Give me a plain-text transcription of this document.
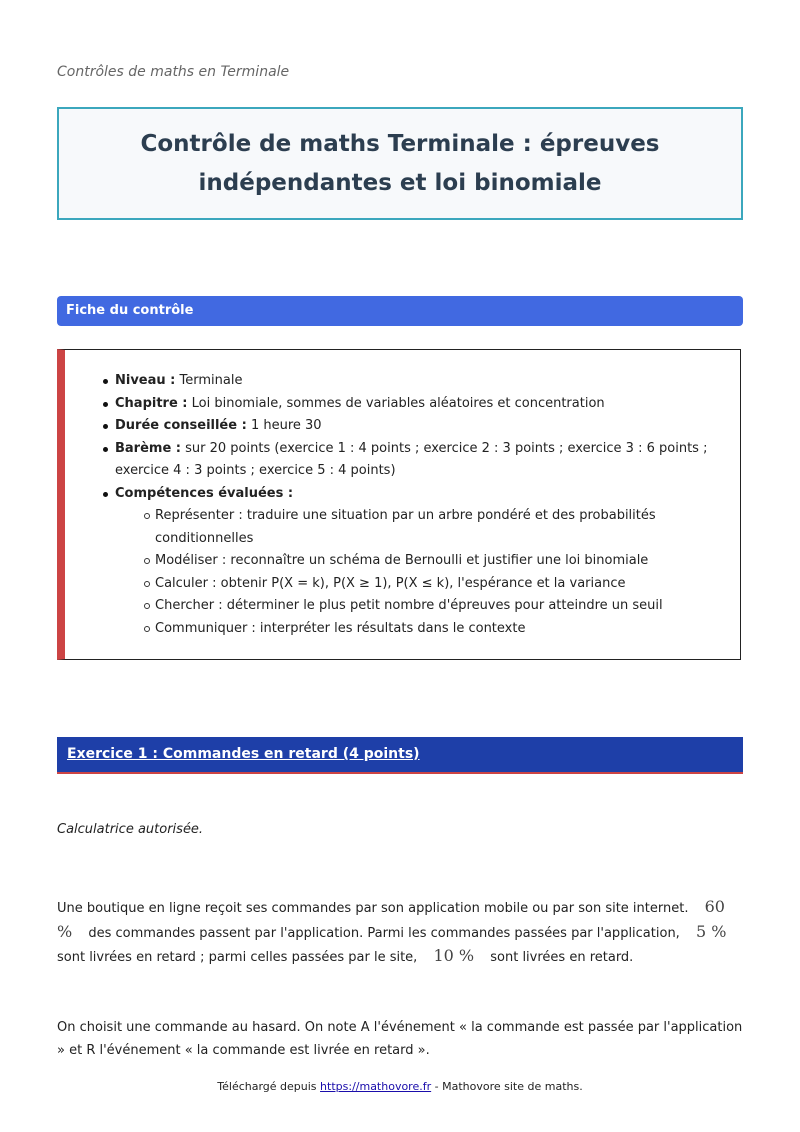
Contrôles de maths en Terminale
Contrôle de maths Terminale : épreuves indépendantes et loi binomiale
Fiche du contrôle
Niveau : Terminale
Chapitre : Loi binomiale, sommes de variables aléatoires et concentration
Durée conseillée : 1 heure 30
Barème : sur 20 points (exercice 1 : 4 points ; exercice 2 : 3 points ; exercice 3 : 6 points ; exercice 4 : 3 points ; exercice 5 : 4 points)
Compétences évaluées :
Représenter : traduire une situation par un arbre pondéré et des probabilités conditionnelles
Modéliser : reconnaître un schéma de Bernoulli et justifier une loi binomiale
Calculer : obtenir P(X = k), P(X ≥ 1), P(X ≤ k), l'espérance et la variance
Chercher : déterminer le plus petit nombre d'épreuves pour atteindre un seuil
Communiquer : interpréter les résultats dans le contexte
Exercice 1 : Commandes en retard (4 points)
Calculatrice autorisée.
Une boutique en ligne reçoit ses commandes par son application mobile ou par son site internet. 60 % des commandes passent par l'application. Parmi les commandes passées par l'application, 5 % sont livrées en retard ; parmi celles passées par le site, 10 % sont livrées en retard.
On choisit une commande au hasard. On note A l'événement « la commande est passée par l'application » et R l'événement « la commande est livrée en retard ».
Téléchargé depuis https://mathovore.fr - Mathovore site de maths.
